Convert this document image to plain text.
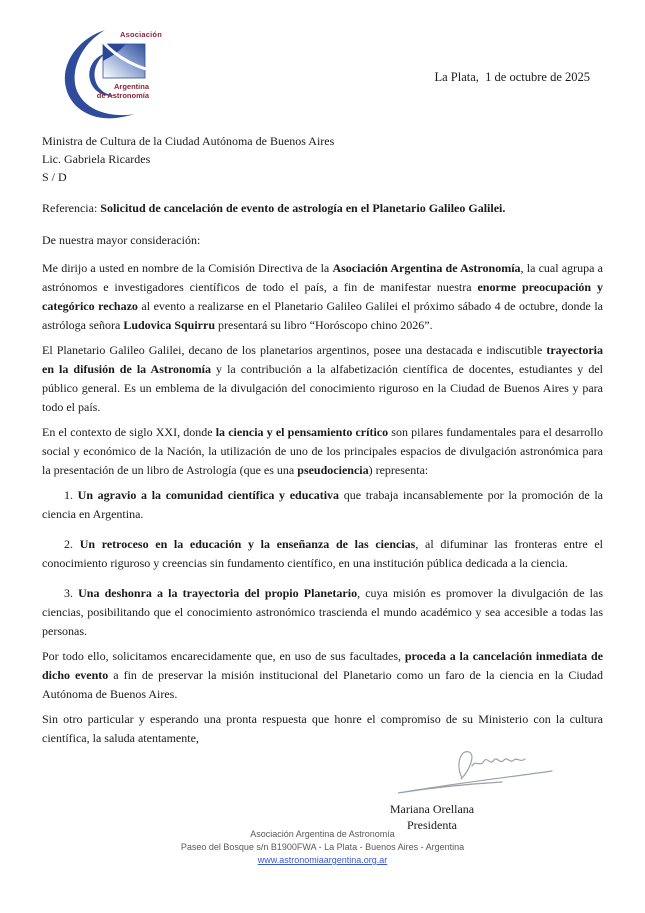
Asociación
Argentina
de Astronomía
La Plata,  1 de octubre de 2025
Ministra de Cultura de la Ciudad Autónoma de Buenos Aires
Lic. Gabriela Ricardes
S / D

Referencia: Solicitud de cancelación de evento de astrología en el Planetario Galileo Galilei.

De nuestra mayor consideración:

Me dirijo a usted en nombre de la Comisión Directiva de la Asociación Argentina de Astronomía, la cual agrupa a astrónomos e investigadores científicos de todo el país, a fin de manifestar nuestra enorme preocupación y categórico rechazo al evento a realizarse en el Planetario Galileo Galilei el próximo sábado 4 de octubre, donde la astróloga señora Ludovica Squirru presentará su libro “Horóscopo chino 2026”.

El Planetario Galileo Galilei, decano de los planetarios argentinos, posee una destacada e indiscutible trayectoria en la difusión de la Astronomía y la contribución a la alfabetización científica de docentes, estudiantes y del público general. Es un emblema de la divulgación del conocimiento riguroso en la Ciudad de Buenos Aires y para todo el país.

En el contexto de siglo XXI, donde la ciencia y el pensamiento crítico son pilares fundamentales para el desarrollo social y económico de la Nación, la utilización de uno de los principales espacios de divulgación astronómica para la presentación de un libro de Astrología (que es una pseudociencia) representa:

1. Un agravio a la comunidad científica y educativa que trabaja incansablemente por la promoción de la ciencia en Argentina.

2. Un retroceso en la educación y la enseñanza de las ciencias, al difuminar las fronteras entre el conocimiento riguroso y creencias sin fundamento científico, en una institución pública dedicada a la ciencia.

3. Una deshonra a la trayectoria del propio Planetario, cuya misión es promover la divulgación de las ciencias, posibilitando que el conocimiento astronómico trascienda el mundo académico y sea accesible a todas las personas.

Por todo ello, solicitamos encarecidamente que, en uso de sus facultades, proceda a la cancelación inmediata de dicho evento a fin de preservar la misión institucional del Planetario como un faro de la ciencia en la Ciudad Autónoma de Buenos Aires.

Sin otro particular y esperando una pronta respuesta que honre el compromiso de su Ministerio con la cultura científica, la saluda atentamente,

Mariana Orellana
Presidenta
Asociación Argentina de Astronomía
Paseo del Bosque s/n B1900FWA - La Plata - Buenos Aires - Argentina
www.astronomiaargentina.org.ar
